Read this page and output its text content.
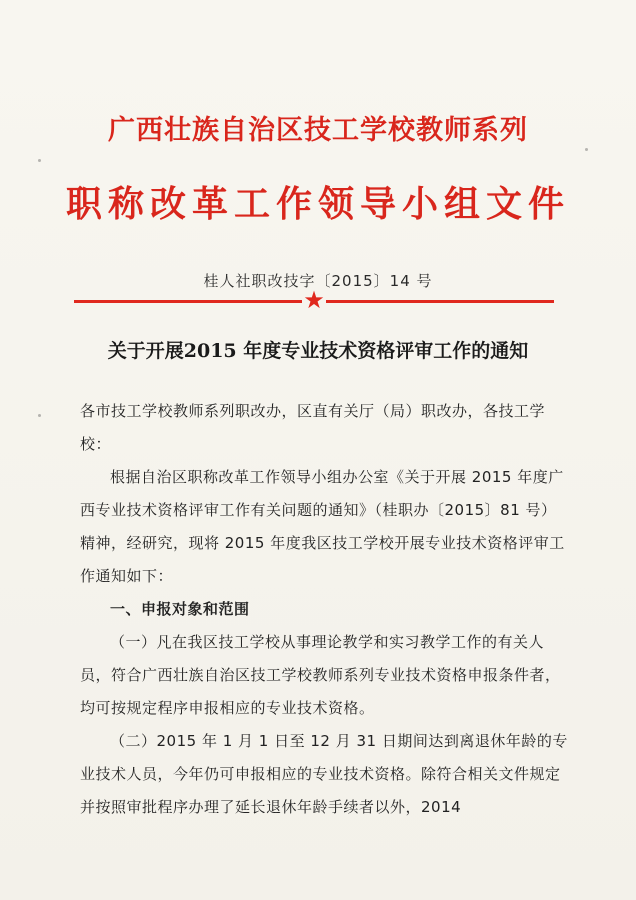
广西壮族自治区技工学校教师系列
职称改革工作领导小组文件
桂人社职改技字〔2015〕14 号
★
关于开展2015 年度专业技术资格评审工作的通知

各市技工学校教师系列职改办，区直有关厅（局）职改办，各技工学校：

根据自治区职称改革工作领导小组办公室《关于开展 2015 年度广西专业技术资格评审工作有关问题的通知》（桂职办〔2015〕81 号）精神，经研究，现将 2015 年度我区技工学校开展专业技术资格评审工作通知如下：

一、申报对象和范围

（一）凡在我区技工学校从事理论教学和实习教学工作的有关人员，符合广西壮族自治区技工学校教师系列专业技术资格申报条件者，均可按规定程序申报相应的专业技术资格。

（二）2015 年 1 月 1 日至 12 月 31 日期间达到离退休年龄的专业技术人员，今年仍可申报相应的专业技术资格。除符合相关文件规定并按照审批程序办理了延长退休年龄手续者以外，2014
